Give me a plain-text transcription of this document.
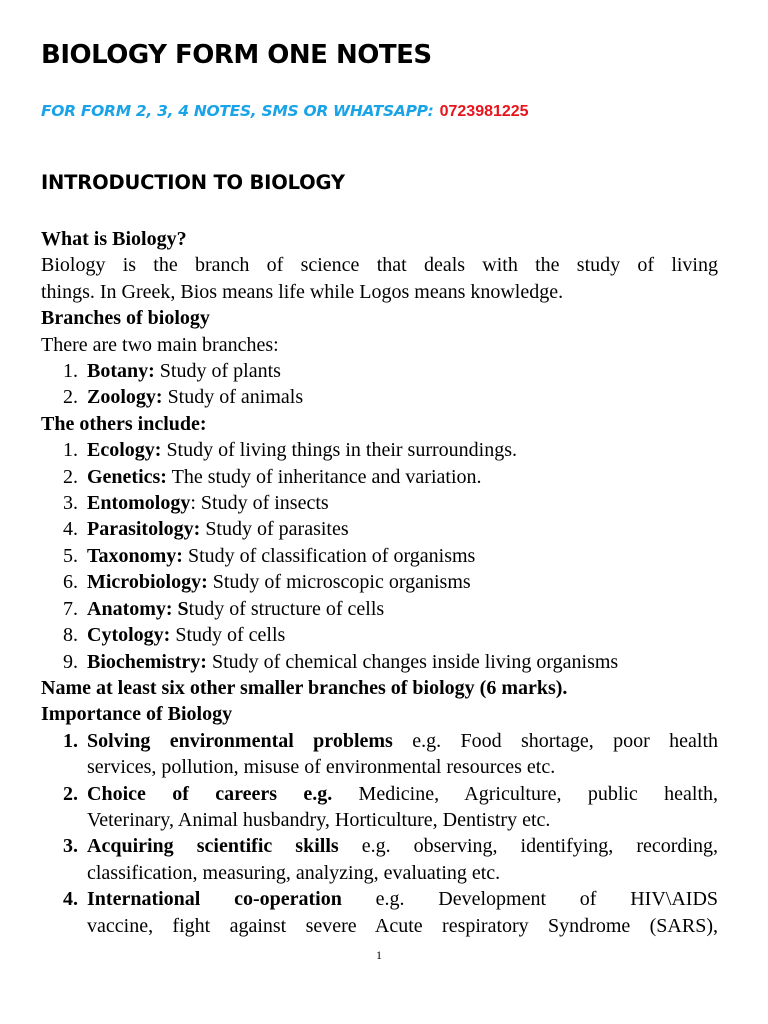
BIOLOGY FORM ONE NOTES
FOR FORM 2, 3, 4 NOTES, SMS OR WHATSAPP: 0723981225
INTRODUCTION TO BIOLOGY

What is Biology?

Biology is the branch of science that deals with the study of living

things. In Greek, Bios means life while Logos means knowledge.

Branches of biology

There are two main branches:

1. Botany: Study of plants
2. Zoology: Study of animals

The others include:

1. Ecology: Study of living things in their surroundings.
2. Genetics: The study of inheritance and variation.
3. Entomology: Study of insects
4. Parasitology: Study of parasites
5. Taxonomy: Study of classification of organisms
6. Microbiology: Study of microscopic organisms
7. Anatomy: Study of structure of cells
8. Cytology: Study of cells
9. Biochemistry: Study of chemical changes inside living organisms

Name at least six other smaller branches of biology (6 marks).

Importance of Biology

1. Solving environmental problems e.g. Food shortage, poor health
services, pollution, misuse of environmental resources etc.
2. Choice of careers e.g. Medicine, Agriculture, public health,
Veterinary, Animal husbandry, Horticulture, Dentistry etc.
3. Acquiring scientific skills e.g. observing, identifying, recording,
classification, measuring, analyzing, evaluating etc.
4. International co-operation e.g. Development of HIV\AIDS
vaccine, fight against severe Acute respiratory Syndrome (SARS),
1
